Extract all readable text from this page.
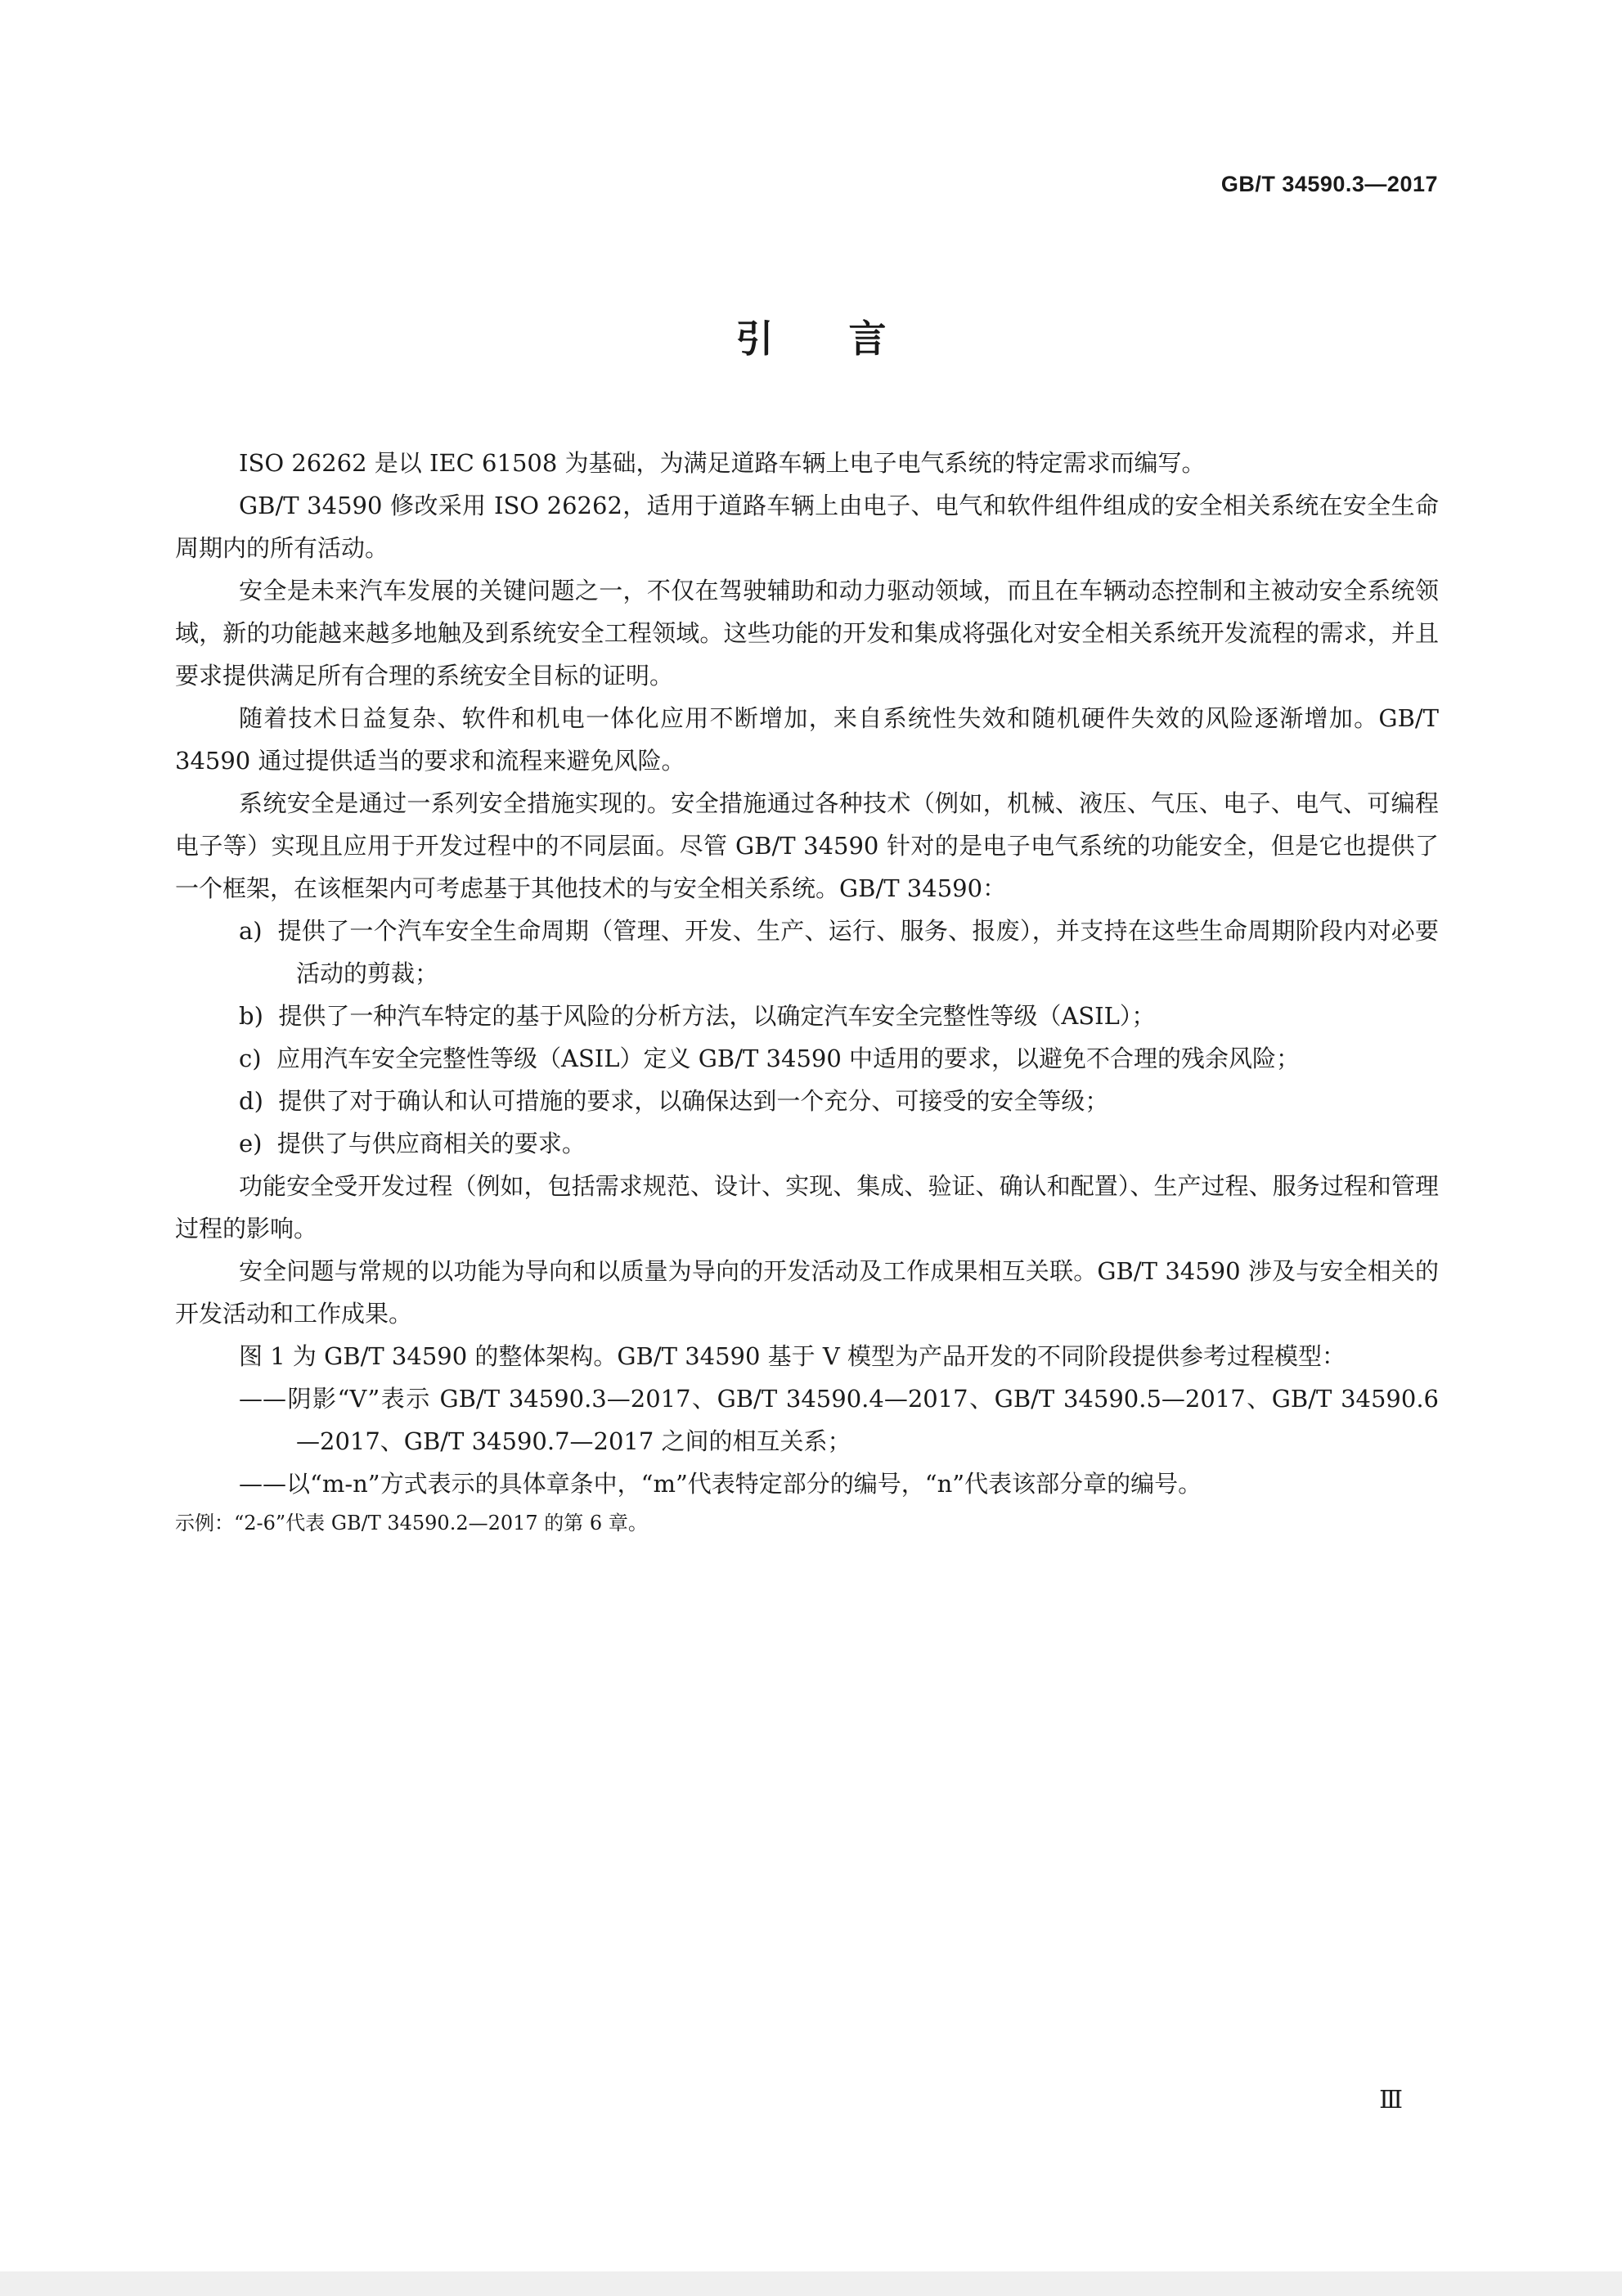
GB/T 34590.3—2017
引言

ISO 26262 是以 IEC 61508 为基础，为满足道路车辆上电子电气系统的特定需求而编写。

GB/T 34590 修改采用 ISO 26262，适用于道路车辆上由电子、电气和软件组件组成的安全相关系统在安全生命周期内的所有活动。

安全是未来汽车发展的关键问题之一，不仅在驾驶辅助和动力驱动领域，而且在车辆动态控制和主被动安全系统领域，新的功能越来越多地触及到系统安全工程领域。这些功能的开发和集成将强化对安全相关系统开发流程的需求，并且要求提供满足所有合理的系统安全目标的证明。

随着技术日益复杂、软件和机电一体化应用不断增加，来自系统性失效和随机硬件失效的风险逐渐增加。GB/T 34590 通过提供适当的要求和流程来避免风险。

系统安全是通过一系列安全措施实现的。安全措施通过各种技术（例如，机械、液压、气压、电子、电气、可编程电子等）实现且应用于开发过程中的不同层面。尽管 GB/T 34590 针对的是电子电气系统的功能安全，但是它也提供了一个框架，在该框架内可考虑基于其他技术的与安全相关系统。GB/T 34590：

a) 提供了一个汽车安全生命周期（管理、开发、生产、运行、服务、报废），并支持在这些生命周期阶段内对必要活动的剪裁；

b) 提供了一种汽车特定的基于风险的分析方法，以确定汽车安全完整性等级（ASIL）；

c) 应用汽车安全完整性等级（ASIL）定义 GB/T 34590 中适用的要求，以避免不合理的残余风险；

d) 提供了对于确认和认可措施的要求，以确保达到一个充分、可接受的安全等级；

e) 提供了与供应商相关的要求。

功能安全受开发过程（例如，包括需求规范、设计、实现、集成、验证、确认和配置）、生产过程、服务过程和管理过程的影响。

安全问题与常规的以功能为导向和以质量为导向的开发活动及工作成果相互关联。GB/T 34590 涉及与安全相关的开发活动和工作成果。

图 1 为 GB/T 34590 的整体架构。GB/T 34590 基于 V 模型为产品开发的不同阶段提供参考过程模型：

——阴影“V”表示 GB/T 34590.3—2017、GB/T 34590.4—2017、GB/T 34590.5—2017、GB/T 34590.6—2017、GB/T 34590.7—2017 之间的相互关系；

——以“m-n”方式表示的具体章条中，“m”代表特定部分的编号，“n”代表该部分章的编号。

示例：“2-6”代表 GB/T 34590.2—2017 的第 6 章。

Ⅲ
